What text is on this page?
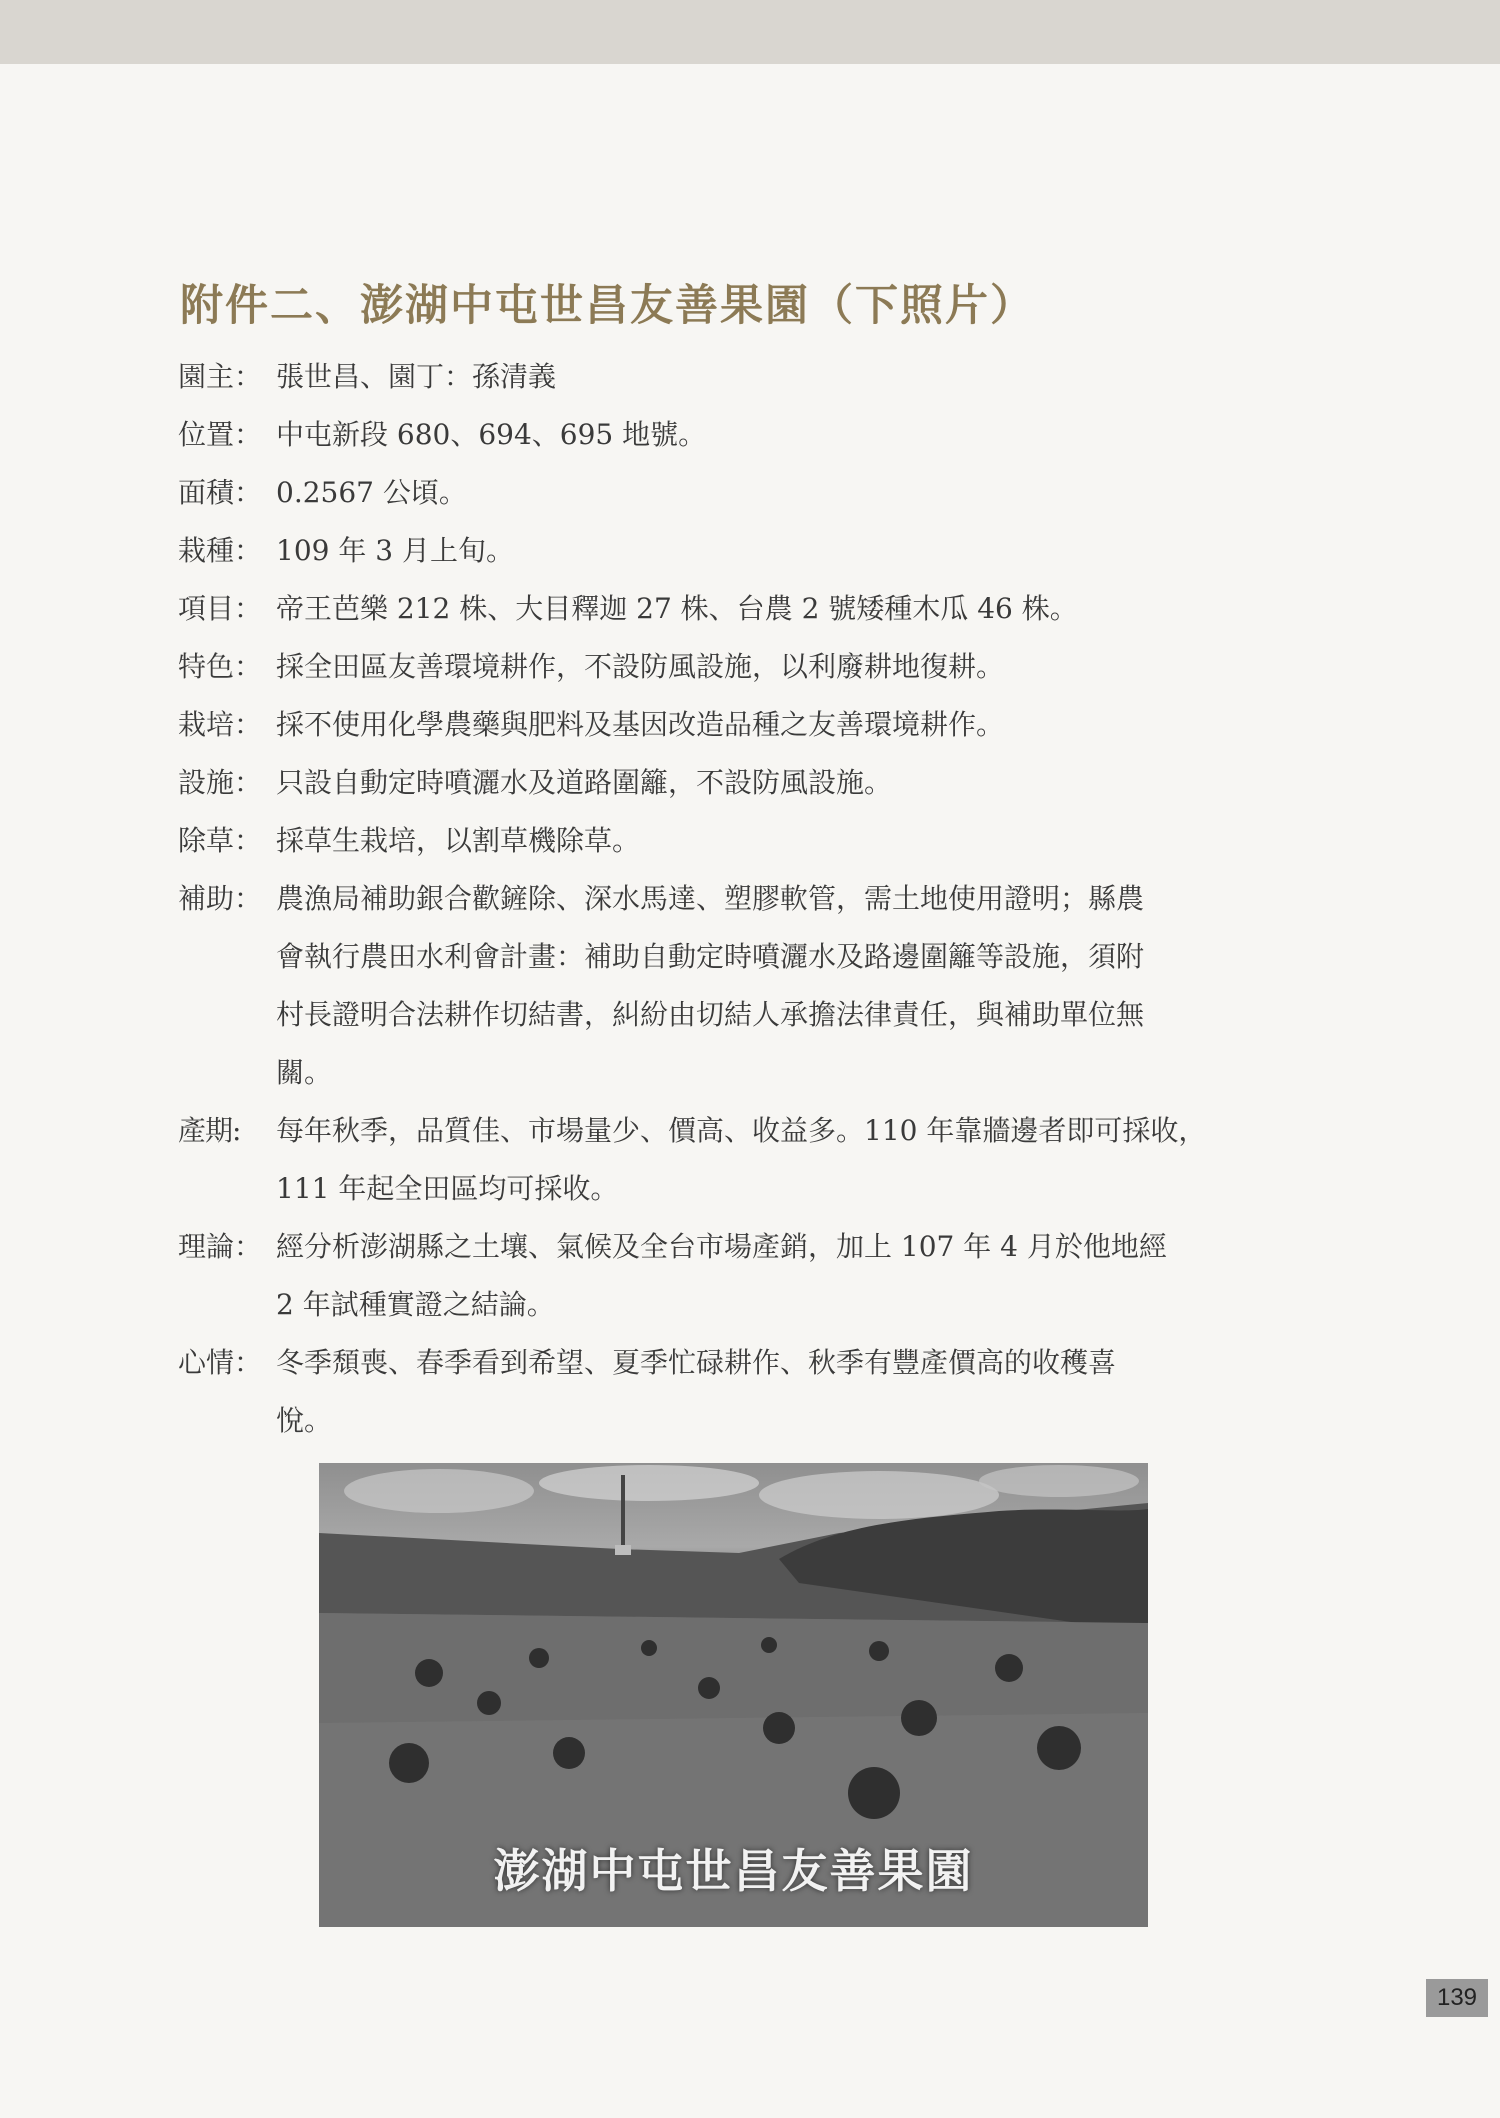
附件二、澎湖中屯世昌友善果園（下照片）
園主： 張世昌、園丁：孫清義
位置： 中屯新段 680、694、695 地號。
面積： 0.2567 公頃。
栽種： 109 年 3 月上旬。
項目： 帝王芭樂 212 株、大目釋迦 27 株、台農 2 號矮種木瓜 46 株。
特色： 採全田區友善環境耕作，不設防風設施，以利廢耕地復耕。
栽培： 採不使用化學農藥與肥料及基因改造品種之友善環境耕作。
設施： 只設自動定時噴灑水及道路圍籬，不設防風設施。
除草： 採草生栽培，以割草機除草。
補助： 農漁局補助銀合歡鏟除、深水馬達、塑膠軟管，需土地使用證明；縣農
會執行農田水利會計畫：補助自動定時噴灑水及路邊圍籬等設施，須附
村長證明合法耕作切結書，糾紛由切結人承擔法律責任，與補助單位無
關。
產期:	每年秋季，品質佳、市場量少、價高、收益多。110 年靠牆邊者即可採收，
111 年起全田區均可採收。
理論： 經分析澎湖縣之土壤、氣候及全台市場產銷，加上 107 年 4 月於他地經
2 年試種實證之結論。
心情： 冬季頹喪、春季看到希望、夏季忙碌耕作、秋季有豐產價高的收穫喜
悅。
澎湖中屯世昌友善果園
139
